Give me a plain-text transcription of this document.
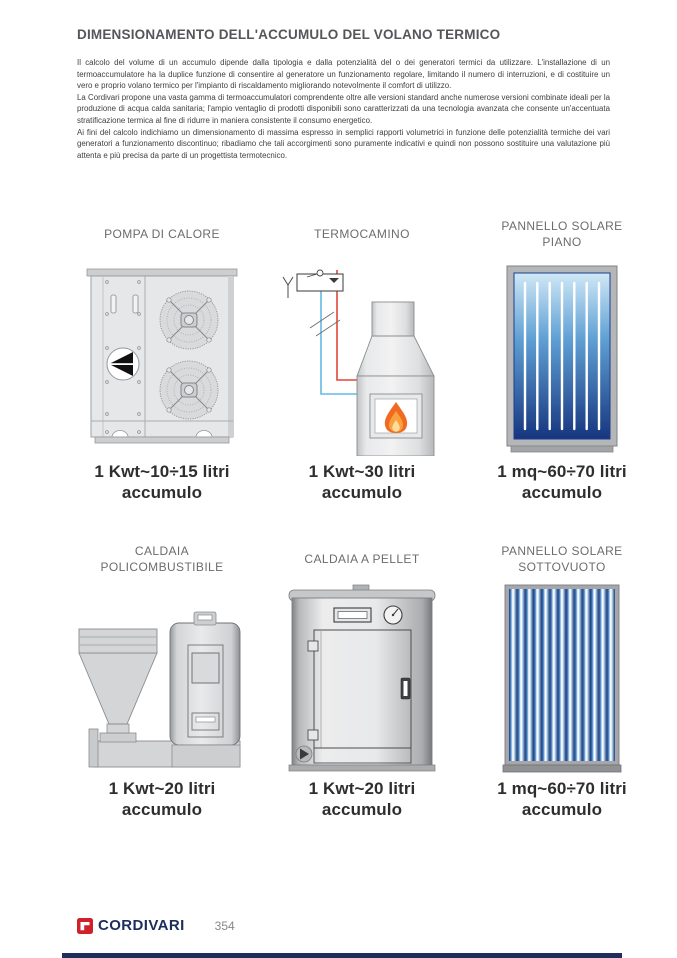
DIMENSIONAMENTO DELL'ACCUMULO DEL VOLANO TERMICO

Il calcolo del volume di un accumulo dipende dalla tipologia e dalla potenzialità del o dei generatori termici da utilizzare. L'installazione di un termoaccumulatore ha la duplice funzione di consentire al generatore un funzionamento regolare, limitando il numero di interruzioni, e di costituire un vero e proprio volano termico per l'impianto di riscaldamento migliorando notevolmente il comfort di utilizzo.

La Cordivari propone una vasta gamma di termoaccumulatori comprendente oltre alle versioni standard anche numerose versioni combinate ideali per la produzione di acqua calda sanitaria; l'ampio ventaglio di prodotti disponibili sono caratterizzati da una tecnologia avanzata che consente un'accentuata stratificazione termica al fine di ridurre in maniera consistente il consumo energetico.

Ai fini del calcolo indichiamo un dimensionamento di massima espresso in semplici rapporti volumetrici in funzione delle potenzialità termiche dei vari generatori a funzionamento discontinuo; ribadiamo che tali accorgimenti sono puramente indicativi e quindi non possono sostituire una valutazione più attenta e più precisa da parte di un progettista termotecnico.

POMPA DI CALORE
1 Kwt~10÷15 litri
accumulo
TERMOCAMINO
1 Kwt~30 litri
accumulo
PANNELLO SOLARE
PIANO
1 mq~60÷70 litri
accumulo
CALDAIA
POLICOMBUSTIBILE
1 Kwt~20 litri
accumulo
CALDAIA A PELLET
1 Kwt~20 litri
accumulo
PANNELLO SOLARE
SOTTOVUOTO
1 mq~60÷70 litri
accumulo
CORDIVARI	354
